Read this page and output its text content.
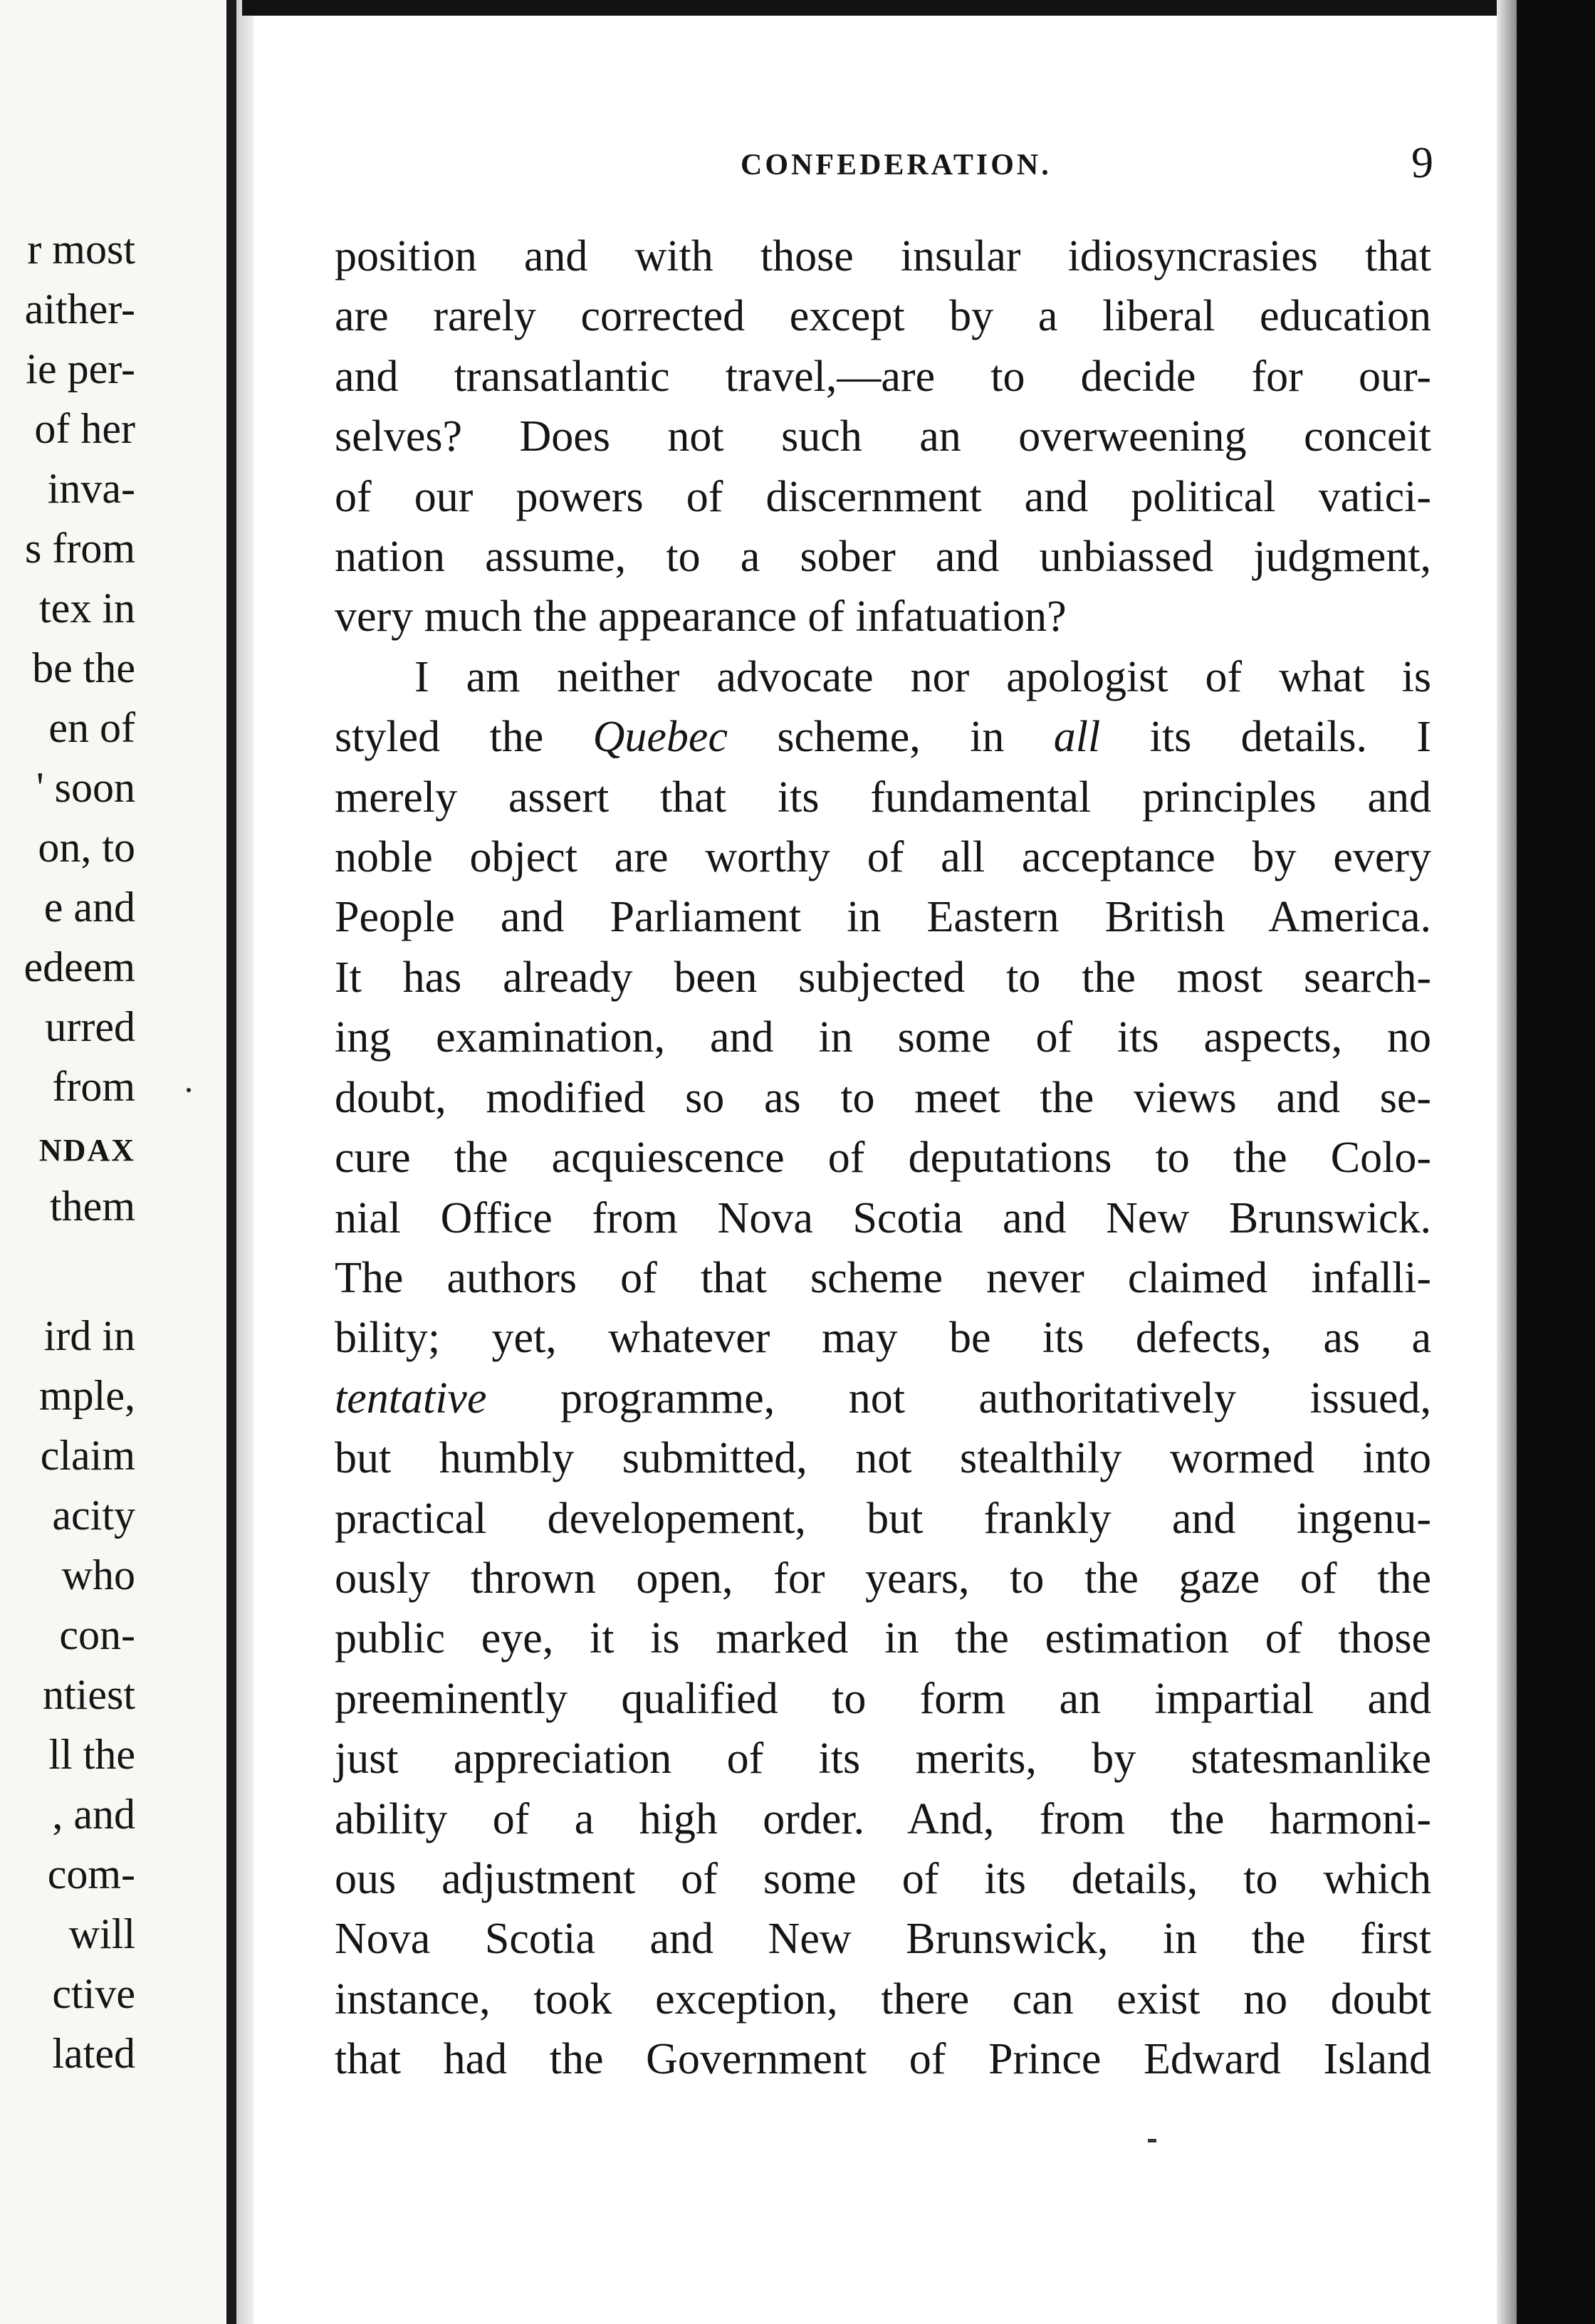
r most
aither-
ie per-
of her
inva-
s from
tex in
be the
en of
' soon
on, to
e and
edeem
urred
from
NDAX
them
ird in
mple,
claim
acity
who
con-
ntiest
ll the
, and
com-
will
ctive
lated
CONFEDERATION.	9
position and with those insular idiosyncrasies that
are rarely corrected except by a liberal education
and transatlantic travel,—are to decide for our-
selves? Does not such an overweening conceit
of our powers of discernment and political vatici-
nation assume, to a sober and unbiassed judgment,
very much the appearance of infatuation?
I am neither advocate nor apologist of what is
styled the Quebec scheme, in all its details. I
merely assert that its fundamental principles and
noble object are worthy of all acceptance by every
People and Parliament in Eastern British America.
It has already been subjected to the most search-
ing examination, and in some of its aspects, no
doubt, modified so as to meet the views and se-
cure the acquiescence of deputations to the Colo-
nial Office from Nova Scotia and New Brunswick.
The authors of that scheme never claimed infalli-
bility; yet, whatever may be its defects, as a
tentative programme, not authoritatively issued,
but humbly submitted, not stealthily wormed into
practical developement, but frankly and ingenu-
ously thrown open, for years, to the gaze of the
public eye, it is marked in the estimation of those
preeminently qualified to form an impartial and
just appreciation of its merits, by statesmanlike
ability of a high order. And, from the harmoni-
ous adjustment of some of its details, to which
Nova Scotia and New Brunswick, in the first
instance, took exception, there can exist no doubt
that had the Government of Prince Edward Island
